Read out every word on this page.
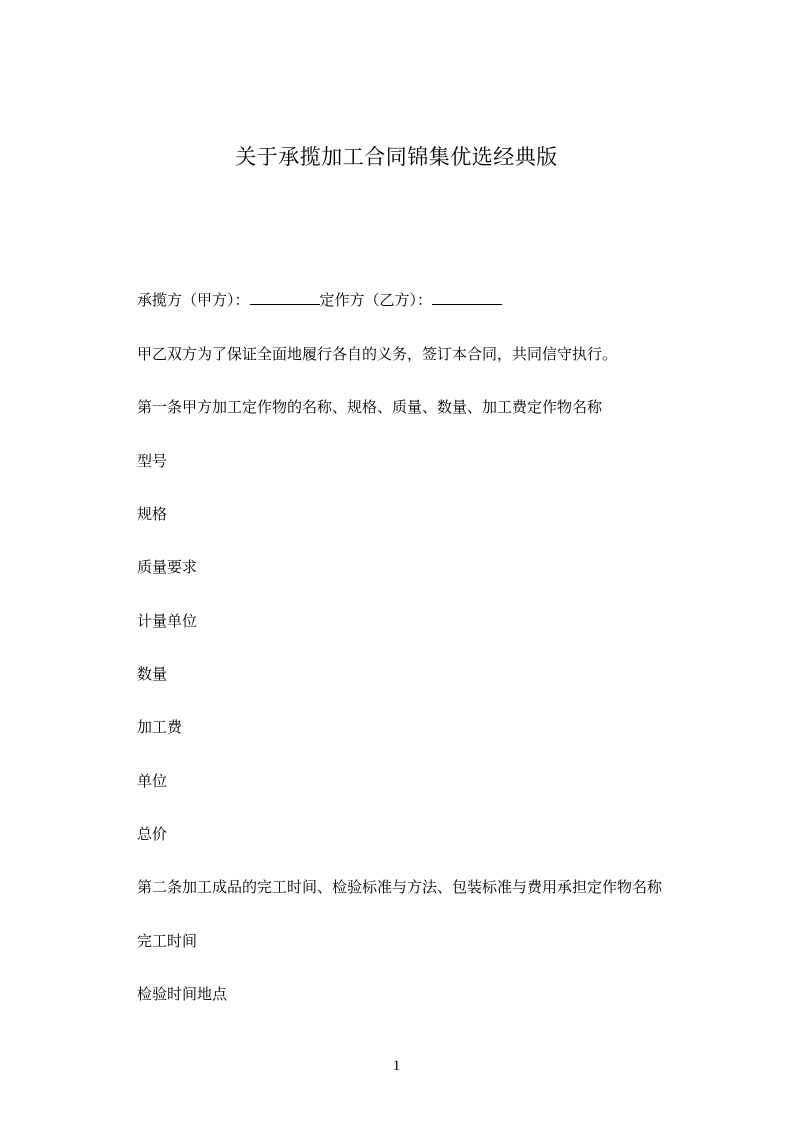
关于承揽加工合同锦集优选经典版
承揽方（甲方）：	定作方（乙方）：
甲乙双方为了保证全面地履行各自的义务，签订本合同，共同信守执行。
第一条甲方加工定作物的名称、规格、质量、数量、加工费定作物名称
型号
规格
质量要求
计量单位
数量
加工费
单位
总价
第二条加工成品的完工时间、检验标准与方法、包装标准与费用承担定作物名称
完工时间
检验时间地点
1
